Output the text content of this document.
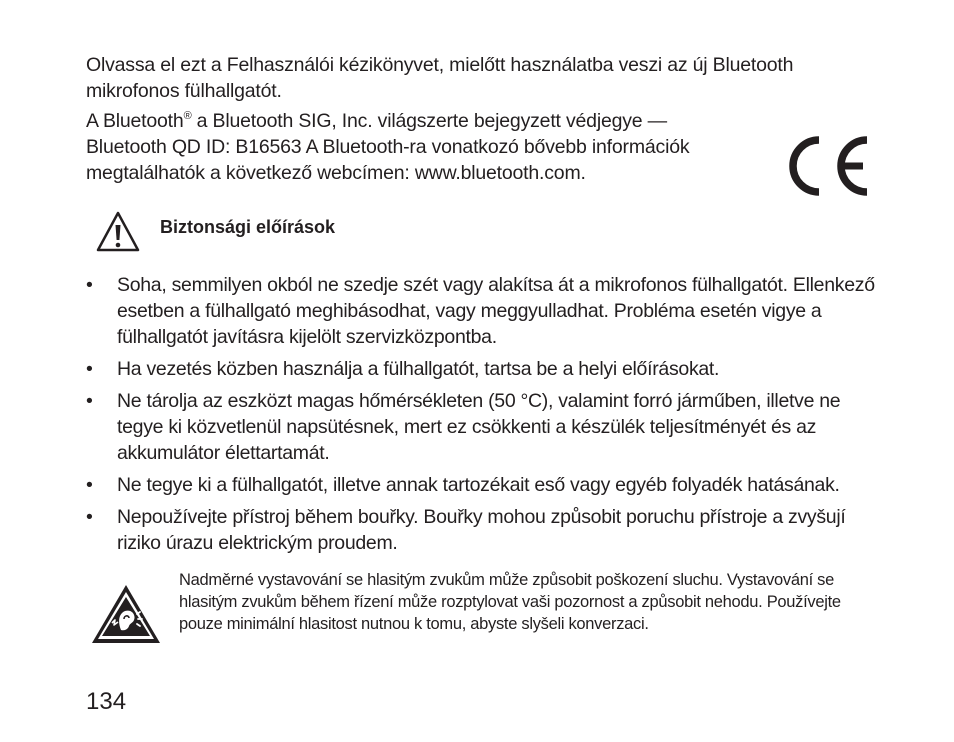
Olvassa el ezt a Felhasználói kézikönyvet, mielőtt használatba veszi az új Bluetooth mikrofonos fülhallgatót.
A Bluetooth® a Bluetooth SIG, Inc. világszerte bejegyzett védjegye — Bluetooth QD ID: B16563 A Bluetooth-ra vonatkozó bővebb információk megtalálhatók a következő webcímen: www.bluetooth.com.
Biztonsági előírások
• Soha, semmilyen okból ne szedje szét vagy alakítsa át a mikrofonos fülhallgatót. Ellenkező esetben a fülhallgató meghibásodhat, vagy meggyulladhat. Probléma esetén vigye a fülhallgatót javításra kijelölt szervizközpontba.
• Ha vezetés közben használja a fülhallgatót, tartsa be a helyi előírásokat.
• Ne tárolja az eszközt magas hőmérsékleten (50 °C), valamint forró járműben, illetve ne tegye ki közvetlenül napsütésnek, mert ez csökkenti a készülék teljesítményét és az akkumulátor élettartamát.
• Ne tegye ki a fülhallgatót, illetve annak tartozékait eső vagy egyéb folyadék hatásának.
• Nepoužívejte přístroj během bouřky. Bouřky mohou způsobit poruchu přístroje a zvyšují riziko úrazu elektrickým proudem.
Nadměrné vystavování se hlasitým zvukům může způsobit poškození sluchu. Vystavování se hlasitým zvukům během řízení může rozptylovat vaši pozornost a způsobit nehodu. Používejte pouze minimální hlasitost nutnou k tomu, abyste slyšeli konverzaci.
134
